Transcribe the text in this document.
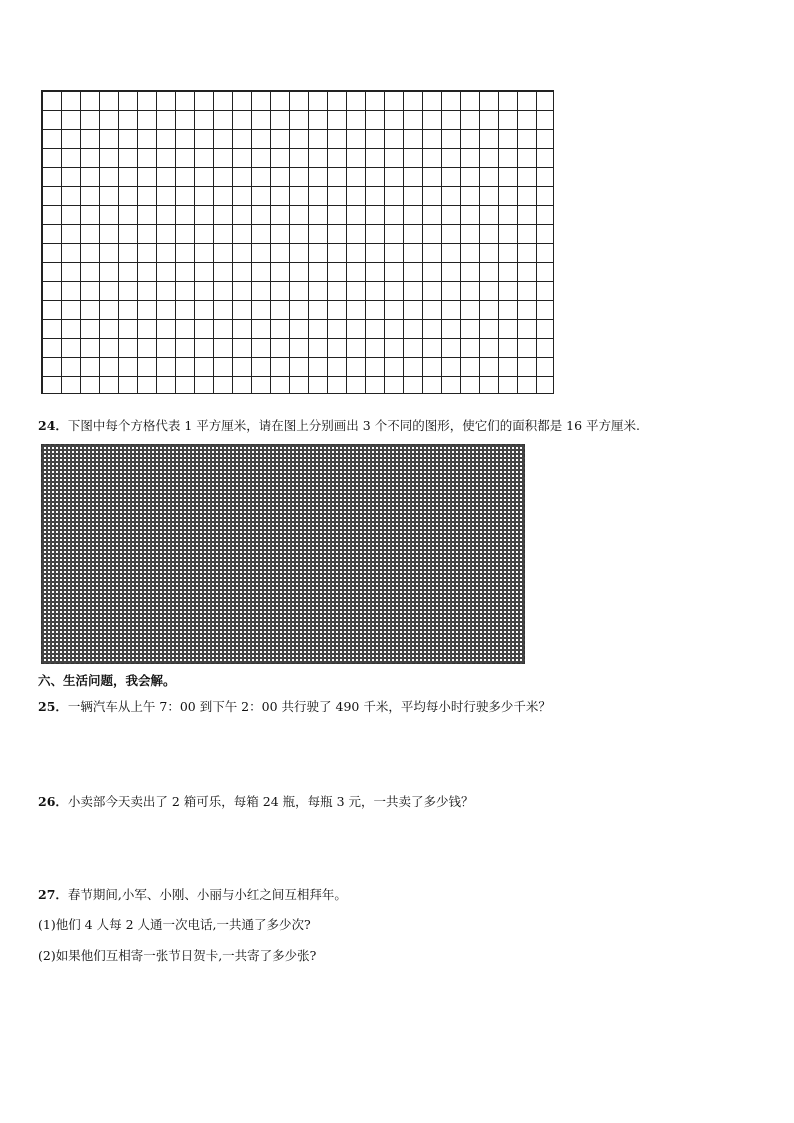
24．下图中每个方格代表 1 平方厘米，请在图上分别画出 3 个不同的图形，使它们的面积都是 16 平方厘米.
六、生活问题，我会解。
25．一辆汽车从上午 7：00 到下午 2：00 共行驶了 490 千米，平均每小时行驶多少千米？
26．小卖部今天卖出了 2 箱可乐，每箱 24 瓶，每瓶 3 元，一共卖了多少钱？
27．春节期间,小军、小刚、小丽与小红之间互相拜年。
(1)他们 4 人每 2 人通一次电话,一共通了多少次?
(2)如果他们互相寄一张节日贺卡,一共寄了多少张?
